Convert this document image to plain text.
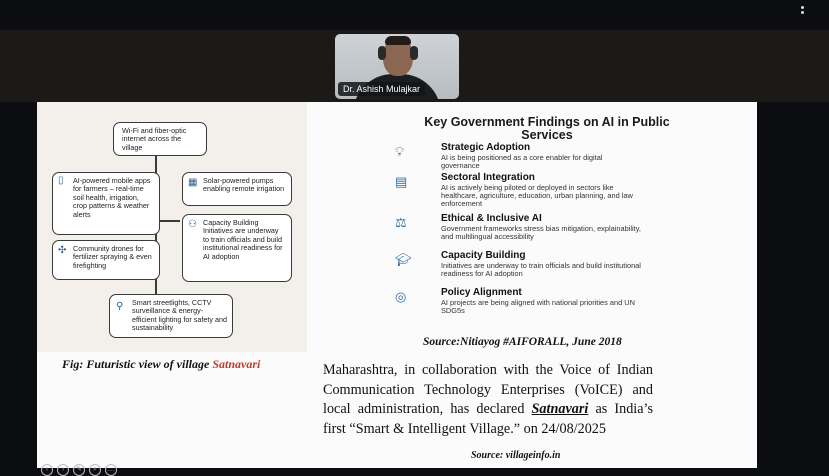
Dr. Ashish Mulajkar
Wi-Fi and fiber-optic internet across the village
▯ AI-powered mobile apps for farmers – real-time soil health, irrigation, crop patterns & weather alerts
▦ Solar-powered pumps enabling remote irrigation
⚇ Capacity Building Initiatives are underway to train officials and build institutional readiness for AI adoption
✣ Community drones for fertilizer spraying & even firefighting
⚲ Smart streetlights, CCTV surveillance & energy-efficient lighting for safety and sustainability
Fig: Futuristic view of village Satnavari
Key Government Findings on AI in Public Services
💡︎	Strategic Adoption
AI is being positioned as a core enabler for digital governance
▤	Sectoral Integration
AI is actively being piloted or deployed in sectors like healthcare, agriculture, education, urban planning, and law enforcement
⚖	Ethical & Inclusive AI
Government frameworks stress bias mitigation, explainability, and multilingual accessibility
🎓︎	Capacity Building
Initiatives are underway to train officials and build institutional readiness for AI adoption
◎	Policy Alignment
AI projects are being aligned with national priorities and UN SDG5s
Source:Nitiayog #AIFORALL, June 2018
Maharashtra, in collaboration with the Voice of Indian Communication Technology Enterprises (VoICE) and local administration, has declared Satnavari as India’s first “Smart & Intelligent Village.” on 24/08/2025
Source: villageinfo.in
‹ › ✎ ⌕ …
